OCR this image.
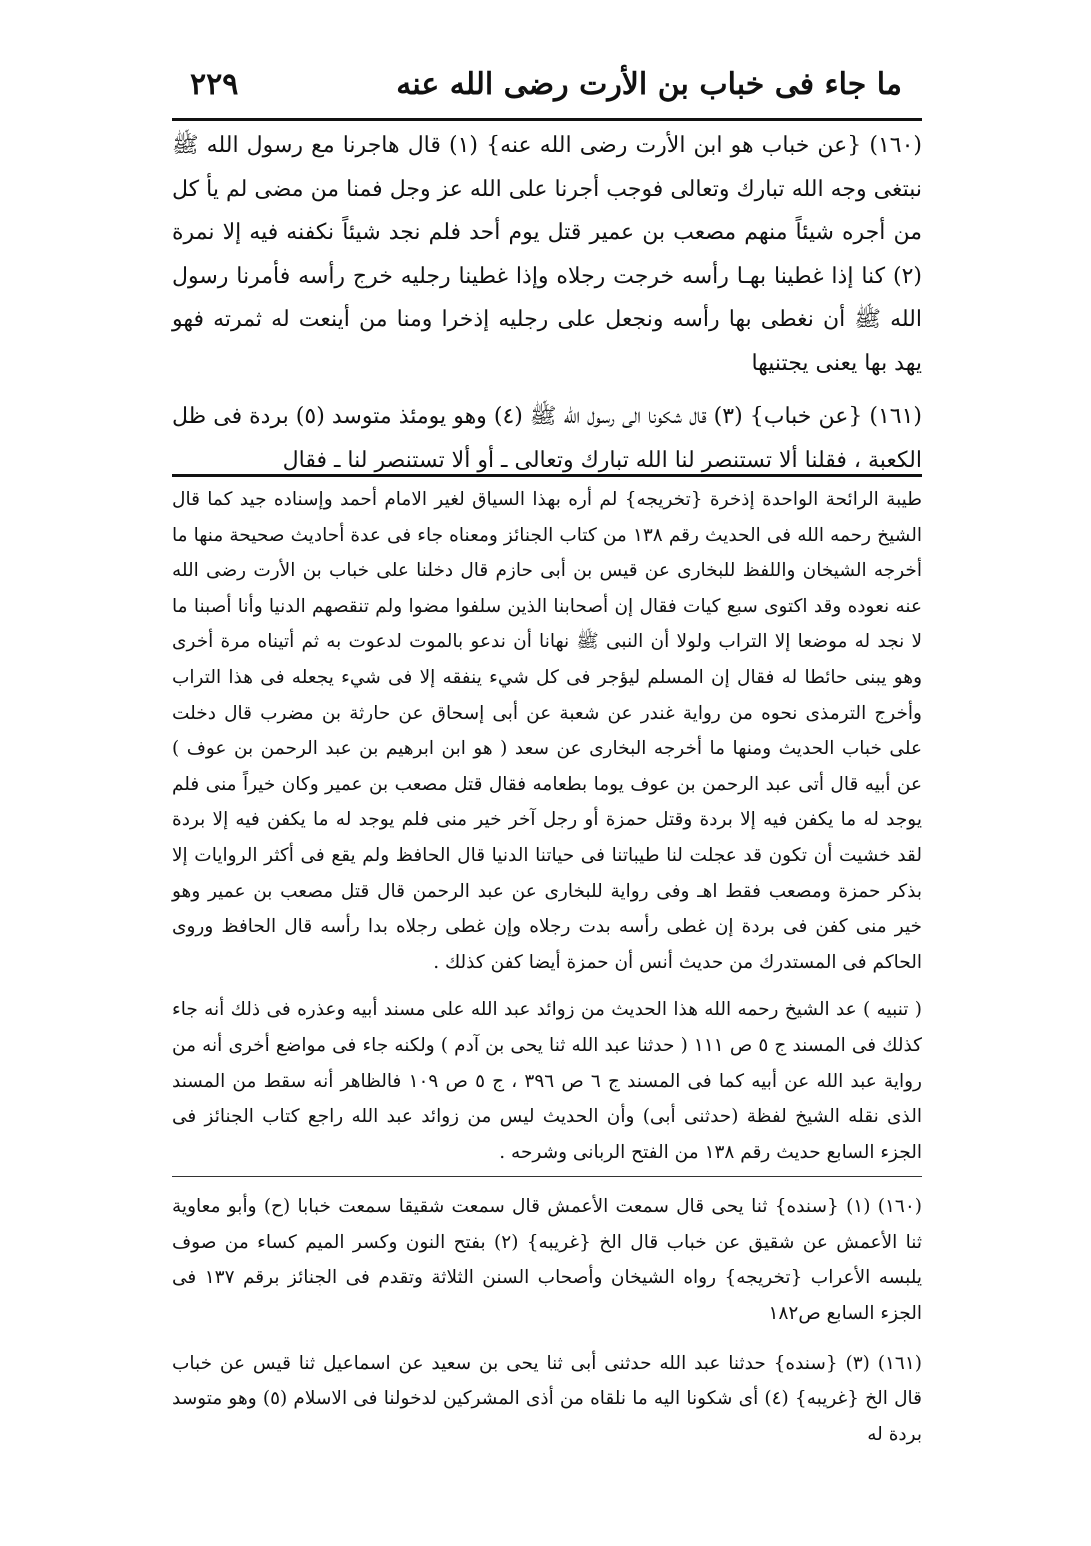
ما جاء فى خباب بن الأرت رضى الله عنه
٢٢٩

(١٦٠) {عن خباب هو ابن الأرت رضى الله عنه} (١) قال هاجرنا مع رسول الله ﷺ نبتغى وجه الله تبارك وتعالى فوجب أجرنا على الله عز وجل فمنا من مضى لم يأ كل من أجره شيئاً منهم مصعب بن عمير قتل يوم أحد فلم نجد شيئاً نكفنه فيه إلا نمرة (٢) كنا إذا غطينا بهـا رأسه خرجت رجلاه وإذا غطينا رجليه خرج رأسه فأمرنا رسول الله ﷺ أن نغطى بها رأسه ونجعل على رجليه إذخرا ومنا من أينعت له ثمرته فهو يهد بها يعنى يجتنيها

(١٦١) {عن خباب} (٣) قال شكونا الى رسول الله ﷺ (٤) وهو يومئذ متوسد (٥) بردة فى ظل الكعبة ، فقلنا ألا تستنصر لنا الله تبارك وتعالى ـ أو ألا تستنصر لنا ـ فقال

طيبة الرائحة الواحدة إذخرة {تخريجه} لم أره بهذا السياق لغير الامام أحمد وإسناده جيد كما قال الشيخ رحمه الله فى الحديث رقم ١٣٨ من كتاب الجنائز ومعناه جاء فى عدة أحاديث صحيحة منها ما أخرجه الشيخان واللفظ للبخارى عن قيس بن أبى حازم قال دخلنا على خباب بن الأرت رضى الله عنه نعوده وقد اكتوى سبع كيات فقال إن أصحابنا الذين سلفوا مضوا ولم تنقصهم الدنيا وأنا أصبنا ما لا نجد له موضعا إلا التراب ولولا أن النبى ﷺ نهانا أن ندعو بالموت لدعوت به ثم أتيناه مرة أخرى وهو يبنى حائطا له فقال إن المسلم ليؤجر فى كل شيء ينفقه إلا فى شيء يجعله فى هذا التراب وأخرج الترمذى نحوه من رواية غندر عن شعبة عن أبى إسحاق عن حارثة بن مضرب قال دخلت على خباب الحديث ومنها ما أخرجه البخارى عن سعد ( هو ابن ابرهيم بن عبد الرحمن بن عوف ) عن أبيه قال أتى عبد الرحمن بن عوف يوما بطعامه فقال قتل مصعب بن عمير وكان خيراً منى فلم يوجد له ما يكفن فيه إلا بردة وقتل حمزة أو رجل آخر خير منى فلم يوجد له ما يكفن فيه إلا بردة لقد خشيت أن تكون قد عجلت لنا طيباتنا فى حياتنا الدنيا قال الحافظ ولم يقع فى أكثر الروايات إلا بذكر حمزة ومصعب فقط اهـ وفى رواية للبخارى عن عبد الرحمن قال قتل مصعب بن عمير وهو خير منى كفن فى بردة إن غطى رأسه بدت رجلاه وإن غطى رجلاه بدا رأسه قال الحافظ وروى الحاكم فى المستدرك من حديث أنس أن حمزة أيضا كفن كذلك .

( تنبيه ) عد الشيخ رحمه الله هذا الحديث من زوائد عبد الله على مسند أبيه وعذره فى ذلك أنه جاء كذلك فى المسند ج ٥ ص ١١١ ( حدثنا عبد الله ثنا يحى بن آدم ) ولكنه جاء فى مواضع أخرى أنه من رواية عبد الله عن أبيه كما فى المسند ج ٦ ص ٣٩٦ ، ج ٥ ص ١٠٩ فالظاهر أنه سقط من المسند الذى نقله الشيخ لفظة (حدثنى أبى) وأن الحديث ليس من زوائد عبد الله راجع كتاب الجنائز فى الجزء السابع حديث رقم ١٣٨ من الفتح الربانى وشرحه .

(١٦٠) (١) {سنده} ثنا يحى قال سمعت الأعمش قال سمعت شقيقا سمعت خبابا (ح) وأبو معاوية ثنا الأعمش عن شقيق عن خباب قال الخ {غريبه} (٢) بفتح النون وكسر الميم كساء من صوف يلبسه الأعراب {تخريجه} رواه الشيخان وأصحاب السنن الثلاثة وتقدم فى الجنائز برقم ١٣٧ فى الجزء السابع ص١٨٢

(١٦١) (٣) {سنده} حدثنا عبد الله حدثنى أبى ثنا يحى بن سعيد عن اسماعيل ثنا قيس عن خباب قال الخ {غريبه} (٤) أى شكونا اليه ما نلقاه من أذى المشركين لدخولنا فى الاسلام (٥) وهو متوسد بردة له
